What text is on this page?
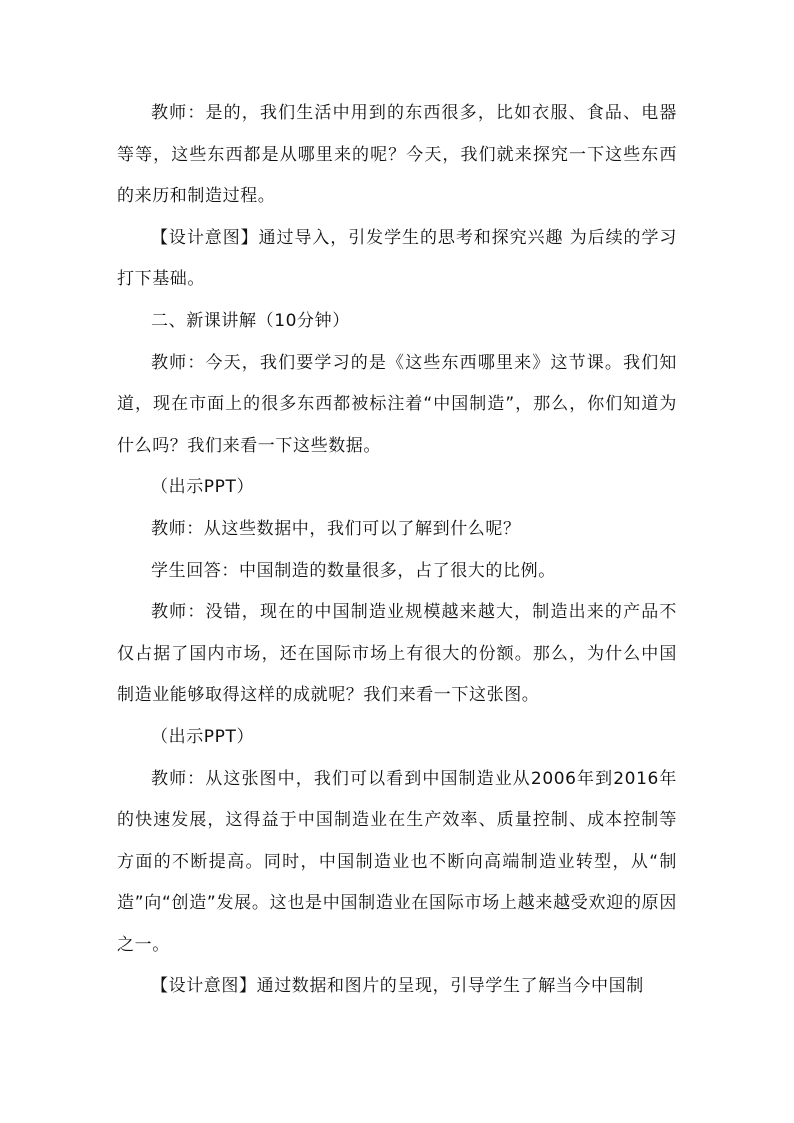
教师：是的，我们生活中用到的东西很多，比如衣服、食品、电器等等，这些东西都是从哪里来的呢？今天，我们就来探究一下这些东西的来历和制造过程。

【设计意图】通过导入，引发学生的思考和探究兴趣 为后续的学习打下基础。

二、新课讲解（10分钟）

教师：今天，我们要学习的是《这些东西哪里来》这节课。我们知道，现在市面上的很多东西都被标注着“中国制造”，那么，你们知道为什么吗？我们来看一下这些数据。

（出示PPT）

教师：从这些数据中，我们可以了解到什么呢？

学生回答：中国制造的数量很多，占了很大的比例。

教师：没错，现在的中国制造业规模越来越大，制造出来的产品不仅占据了国内市场，还在国际市场上有很大的份额。那么，为什么中国制造业能够取得这样的成就呢？我们来看一下这张图。

（出示PPT）

教师：从这张图中，我们可以看到中国制造业从2006年到2016年的快速发展，这得益于中国制造业在生产效率、质量控制、成本控制等方面的不断提高。同时，中国制造业也不断向高端制造业转型，从“制造”向“创造”发展。这也是中国制造业在国际市场上越来越受欢迎的原因之一。

【设计意图】通过数据和图片的呈现，引导学生了解当今中国制
